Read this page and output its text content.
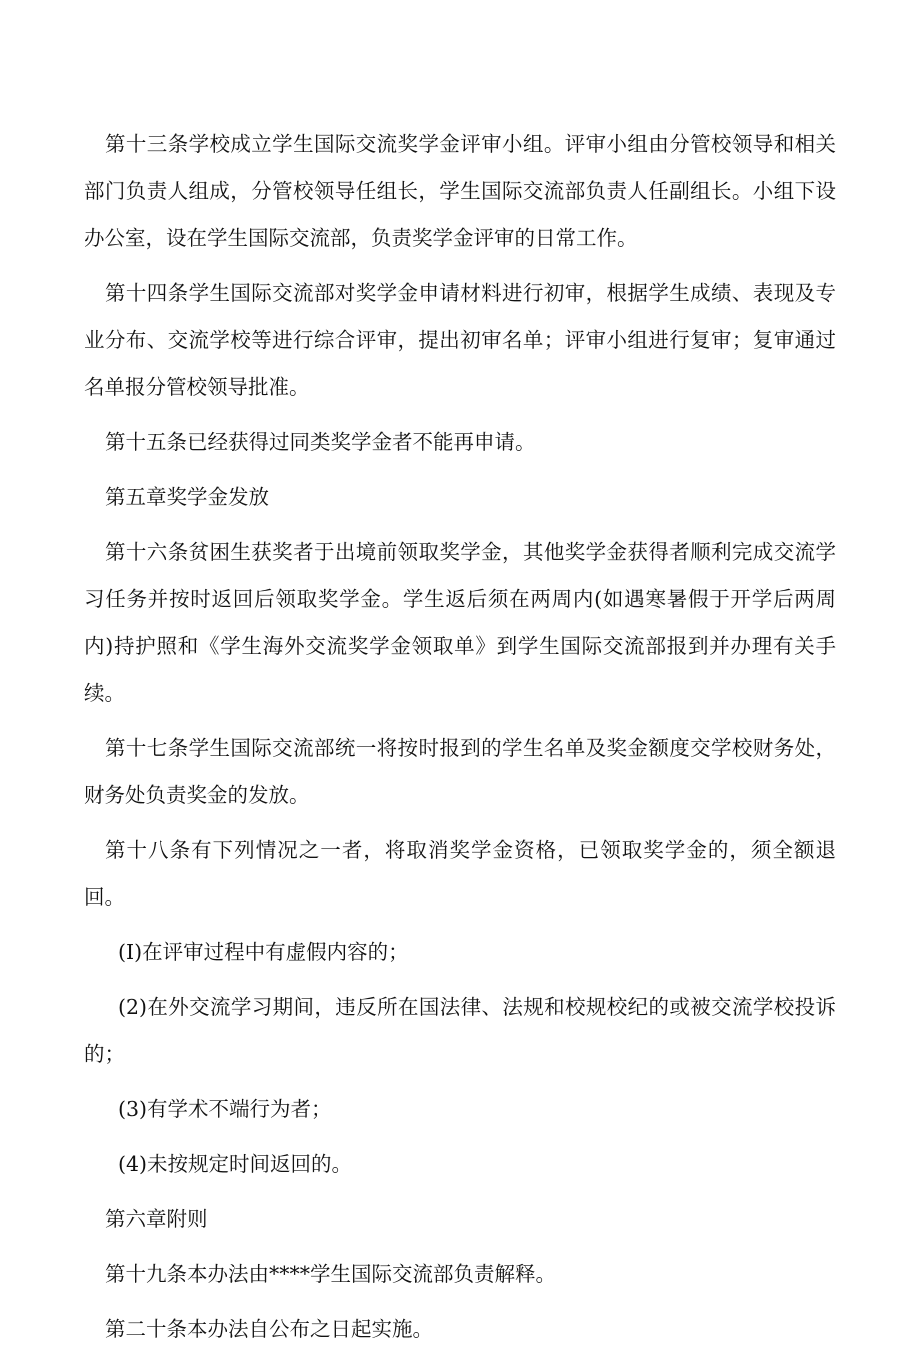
第十三条学校成立学生国际交流奖学金评审小组。评审小组由分管校领导和相关部门负责人组成，分管校领导任组长，学生国际交流部负责人任副组长。小组下设办公室，设在学生国际交流部，负责奖学金评审的日常工作。

第十四条学生国际交流部对奖学金申请材料进行初审，根据学生成绩、表现及专业分布、交流学校等进行综合评审，提出初审名单；评审小组进行复审；复审通过名单报分管校领导批准。

第十五条已经获得过同类奖学金者不能再申请。

第五章奖学金发放

第十六条贫困生获奖者于出境前领取奖学金，其他奖学金获得者顺利完成交流学习任务并按时返回后领取奖学金。学生返后须在两周内(如遇寒暑假于开学后两周内)持护照和《学生海外交流奖学金领取单》到学生国际交流部报到并办理有关手续。

第十七条学生国际交流部统一将按时报到的学生名单及奖金额度交学校财务处，财务处负责奖金的发放。

第十八条有下列情况之一者，将取消奖学金资格，已领取奖学金的，须全额退回。

(I)在评审过程中有虚假内容的；

(2)在外交流学习期间，违反所在国法律、法规和校规校纪的或被交流学校投诉的；

(3)有学术不端行为者；

(4)未按规定时间返回的。

第六章附则

第十九条本办法由****学生国际交流部负责解释。

第二十条本办法自公布之日起实施。
